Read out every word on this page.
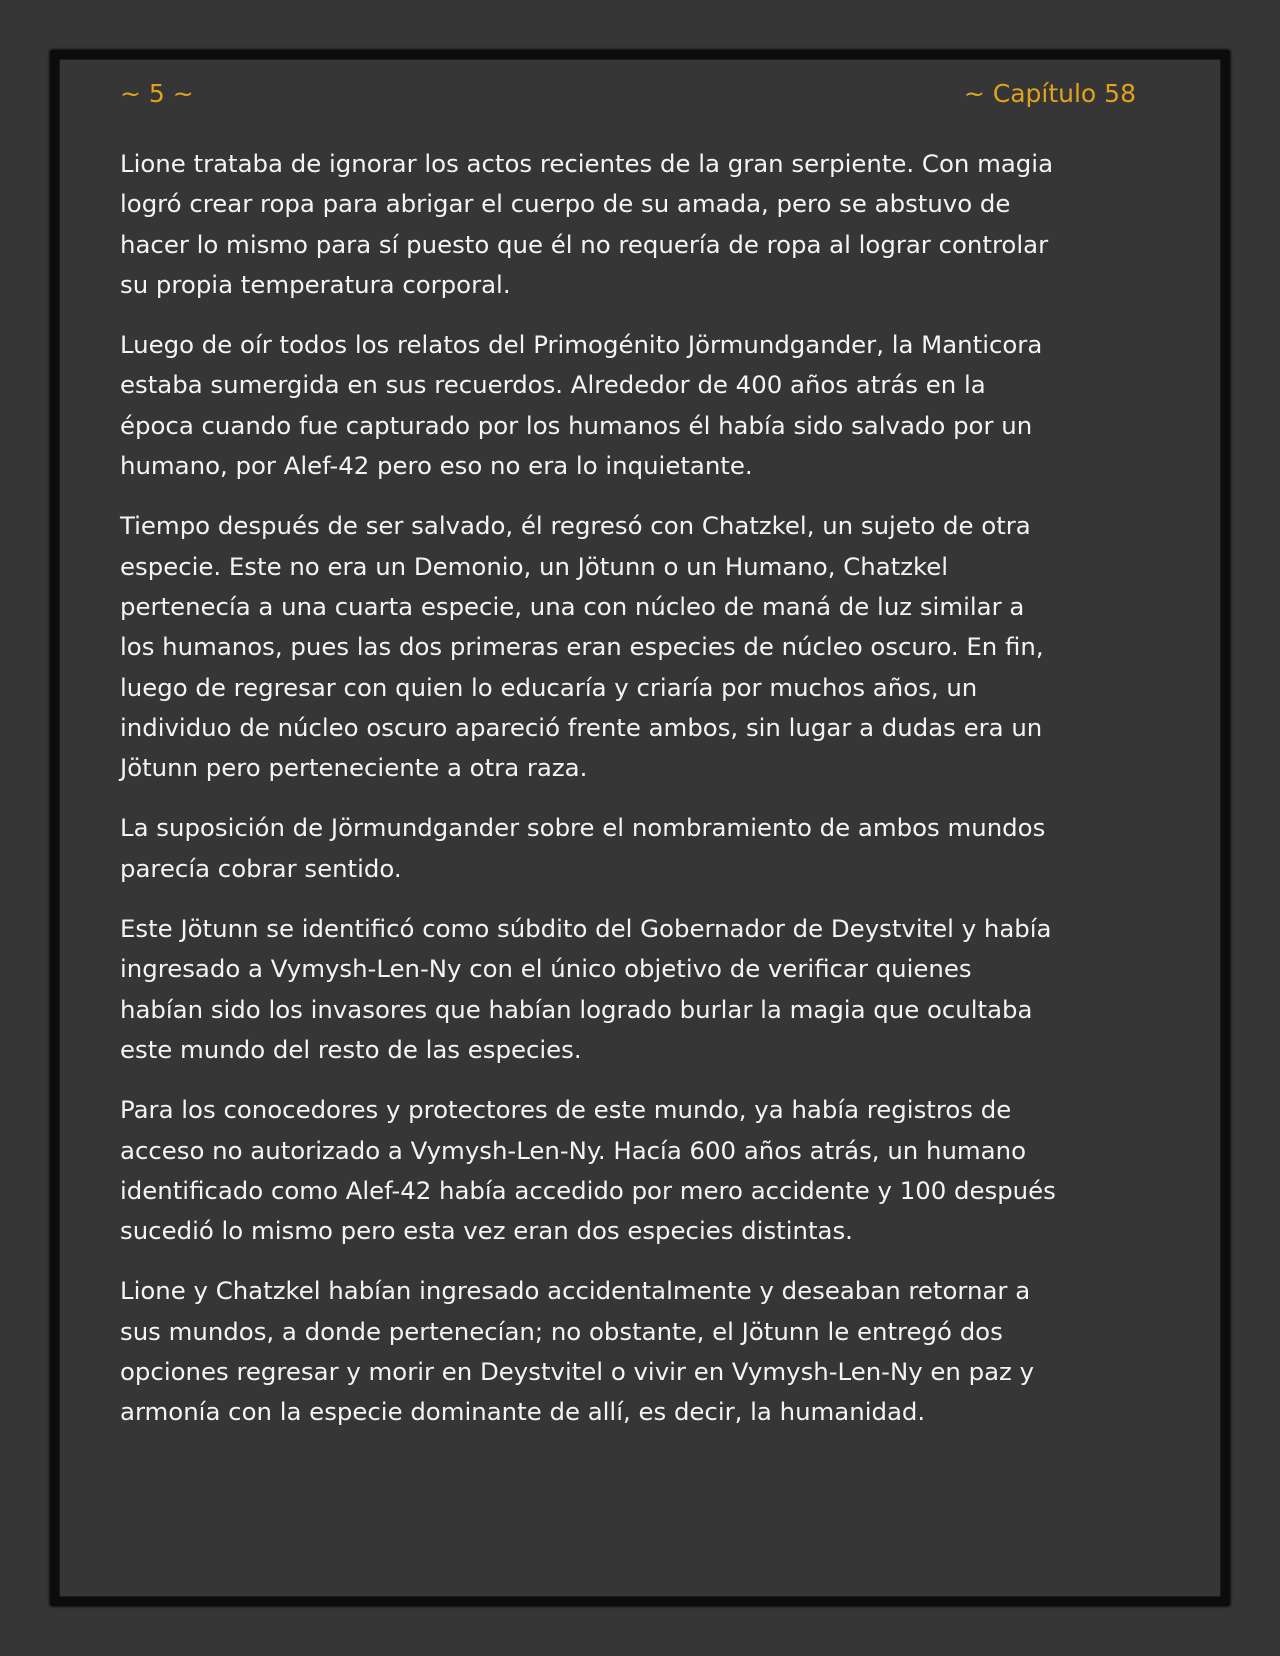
~ 5 ~	~ Capítulo 58

Lione trataba de ignorar los actos recientes de la gran serpiente. Con magia logró crear ropa para abrigar el cuerpo de su amada, pero se abstuvo de hacer lo mismo para sí puesto que él no requería de ropa al lograr controlar su propia temperatura corporal.

Luego de oír todos los relatos del Primogénito Jörmundgander, la Manticora estaba sumergida en sus recuerdos. Alrededor de 400 años atrás en la época cuando fue capturado por los humanos él había sido salvado por un humano, por Alef-42 pero eso no era lo inquietante.

Tiempo después de ser salvado, él regresó con Chatzkel, un sujeto de otra especie. Este no era un Demonio, un Jötunn o un Humano, Chatzkel pertenecía a una cuarta especie, una con núcleo de maná de luz similar a los humanos, pues las dos primeras eran especies de núcleo oscuro. En fin, luego de regresar con quien lo educaría y criaría por muchos años, un individuo de núcleo oscuro apareció frente ambos, sin lugar a dudas era un Jötunn pero perteneciente a otra raza.

La suposición de Jörmundgander sobre el nombramiento de ambos mundos parecía cobrar sentido.

Este Jötunn se identificó como súbdito del Gobernador de Deystvitel y había ingresado a Vymysh-Len-Ny con el único objetivo de verificar quienes habían sido los invasores que habían logrado burlar la magia que ocultaba este mundo del resto de las especies.

Para los conocedores y protectores de este mundo, ya había registros de acceso no autorizado a Vymysh-Len-Ny. Hacía 600 años atrás, un humano identificado como Alef-42 había accedido por mero accidente y 100 después sucedió lo mismo pero esta vez eran dos especies distintas.

Lione y Chatzkel habían ingresado accidentalmente y deseaban retornar a sus mundos, a donde pertenecían; no obstante, el Jötunn le entregó dos opciones regresar y morir en Deystvitel o vivir en Vymysh-Len-Ny en paz y armonía con la especie dominante de allí, es decir, la humanidad.
